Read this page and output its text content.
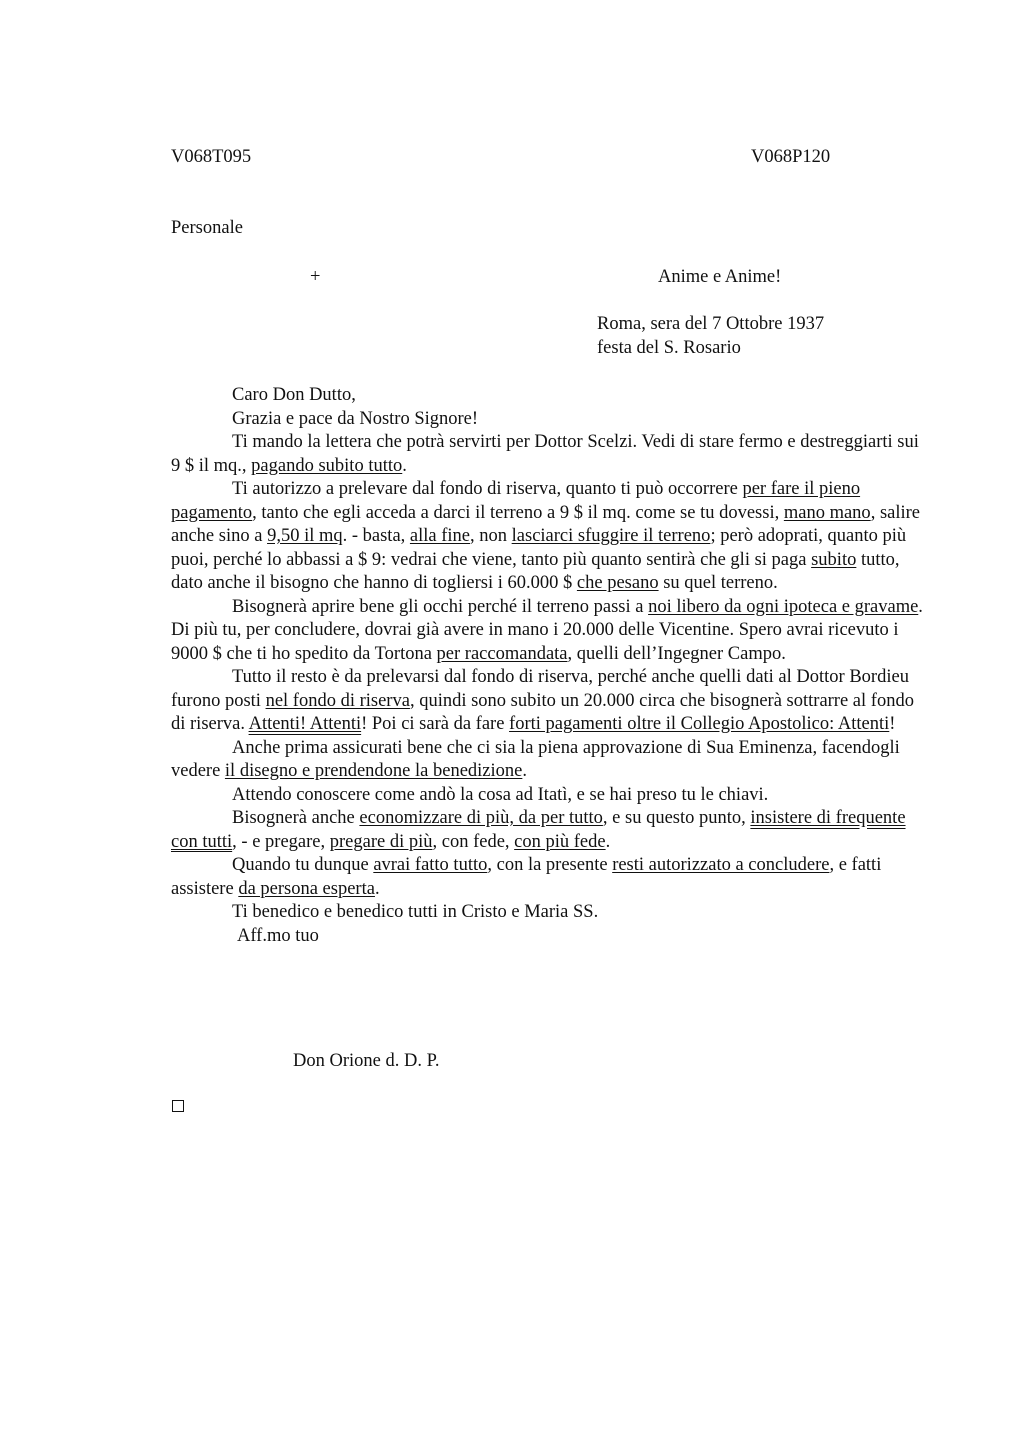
V068T095	V068P120
Personale
+	Anime e Anime!
Roma, sera del 7 Ottobre 1937
festa del S. Rosario

Caro Don Dutto,

Grazia e pace da Nostro Signore!

Ti mando la lettera che potrà servirti per Dottor Scelzi. Vedi di stare fermo e destreggiarti sui 9 $ il mq., pagando subito tutto.

Ti autorizzo a prelevare dal fondo di riserva, quanto ti può occorrere per fare il pieno pagamento, tanto che egli acceda a darci il terreno a 9 $ il mq. come se tu dovessi, mano mano, salire anche sino a 9,50 il mq. - basta, alla fine, non lasciarci sfuggire il terreno; però adoprati, quanto più puoi, perché lo abbassi a $ 9: vedrai che viene, tanto più quanto sentirà che gli si paga subito tutto, dato anche il bisogno che hanno di togliersi i 60.000 $ che pesano su quel terreno.

Bisognerà aprire bene gli occhi perché il terreno passi a noi libero da ogni ipoteca e gravame. Di più tu, per concludere, dovrai già avere in mano i 20.000 delle Vicentine. Spero avrai ricevuto i 9000 $ che ti ho spedito da Tortona per raccomandata, quelli dell’Ingegner Campo.

Tutto il resto è da prelevarsi dal fondo di riserva, perché anche quelli dati al Dottor Bordieu furono posti nel fondo di riserva, quindi sono subito un 20.000 circa che bisognerà sottrarre al fondo di riserva. Attenti! Attenti! Poi ci sarà da fare forti pagamenti oltre il Collegio Apostolico: Attenti!

Anche prima assicurati bene che ci sia la piena approvazione di Sua Eminenza, facendogli vedere il disegno e prendendone la benedizione.

Attendo conoscere come andò la cosa ad Itatì, e se hai preso tu le chiavi.

Bisognerà anche economizzare di più, da per tutto, e su questo punto, insistere di frequente con tutti, - e pregare, pregare di più, con fede, con più fede.

Quando tu dunque avrai fatto tutto, con la presente resti autorizzato a concludere, e fatti assistere da persona esperta.

Ti benedico e benedico tutti in Cristo e Maria SS.

Aff.mo tuo

Don Orione d. D. P.
